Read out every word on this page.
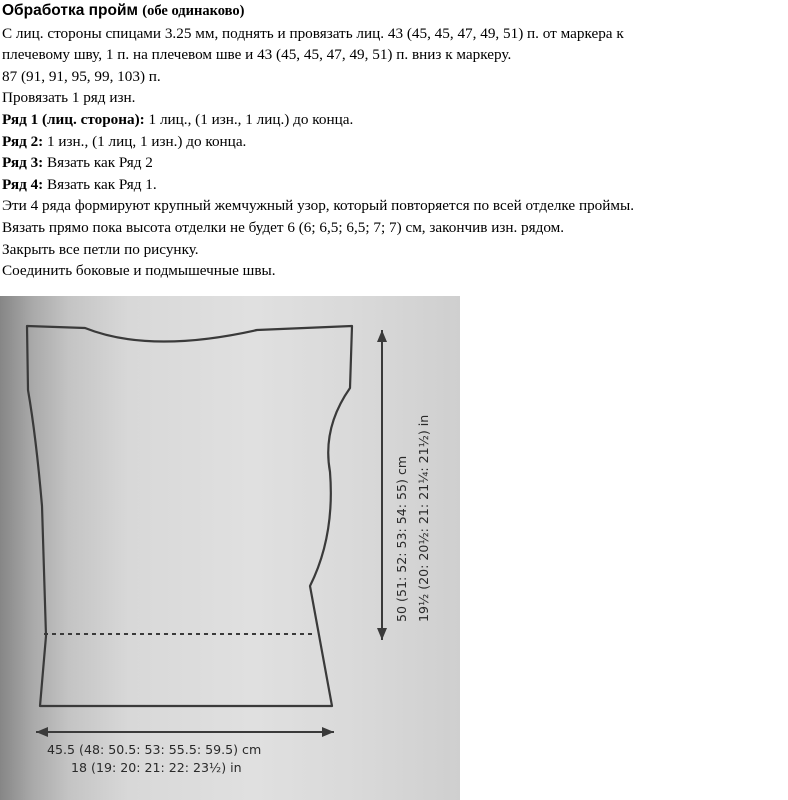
Обработка пройм (обе одинаково)

С лиц. стороны спицами 3.25 мм, поднять и провязать лиц. 43 (45, 45, 47, 49, 51) п. от маркера к

плечевому шву, 1 п. на плечевом шве и 43 (45, 45, 47, 49, 51) п. вниз к маркеру.

87 (91, 91, 95, 99, 103) п.

Провязать 1 ряд изн.

Ряд 1 (лиц. сторона): 1 лиц., (1 изн., 1 лиц.) до конца.

Ряд 2: 1 изн., (1 лиц, 1 изн.) до конца.

Ряд 3: Вязать как Ряд 2

Ряд 4: Вязать как Ряд 1.

Эти 4 ряда формируют крупный жемчужный узор, который повторяется по всей отделке проймы.

Вязать прямо пока высота отделки не будет 6 (6; 6,5; 6,5; 7; 7) см, закончив изн. рядом.

Закрыть все петли по рисунку.

Соединить боковые и подмышечные швы.

45.5 (48: 50.5: 53: 55.5: 59.5) cm
18 (19: 20: 21: 22: 23½) in
50 (51: 52: 53: 54: 55) cm 19½ (20: 20½: 21: 21¼: 21½) in
